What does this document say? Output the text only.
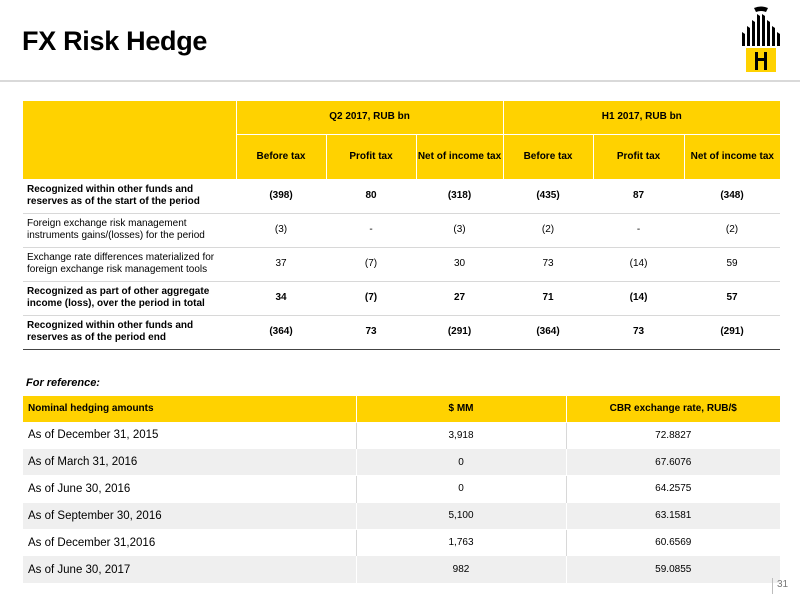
FX Risk Hedge
	Q2 2017, RUB bn			H1 2017, RUB bn		
	Before tax	Profit tax	Net of income tax	Before tax	Profit tax	Net of income tax
Recognized within other funds and reserves as of the start of the period	(398)	80	(318)	(435)	87	(348)
Foreign exchange risk management instruments gains/(losses) for the period	(3)	-	(3)	(2)	-	(2)
Exchange rate differences materialized for foreign exchange risk management tools	37	(7)	30	73	(14)	59
Recognized as part of other aggregate income (loss), over the period in total	34	(7)	27	71	(14)	57
Recognized within other funds and reserves as of the period end	(364)	73	(291)	(364)	73	(291)
For reference:
Nominal hedging amounts	$ MM	CBR exchange rate, RUB/$
As of December 31, 2015	3,918	72.8827
As of March 31, 2016	0	67.6076
As of June 30, 2016	0	64.2575
As of September 30, 2016	5,100	63.1581
As of December 31,2016	1,763	60.6569
As of June 30, 2017	982	59.0855
31
